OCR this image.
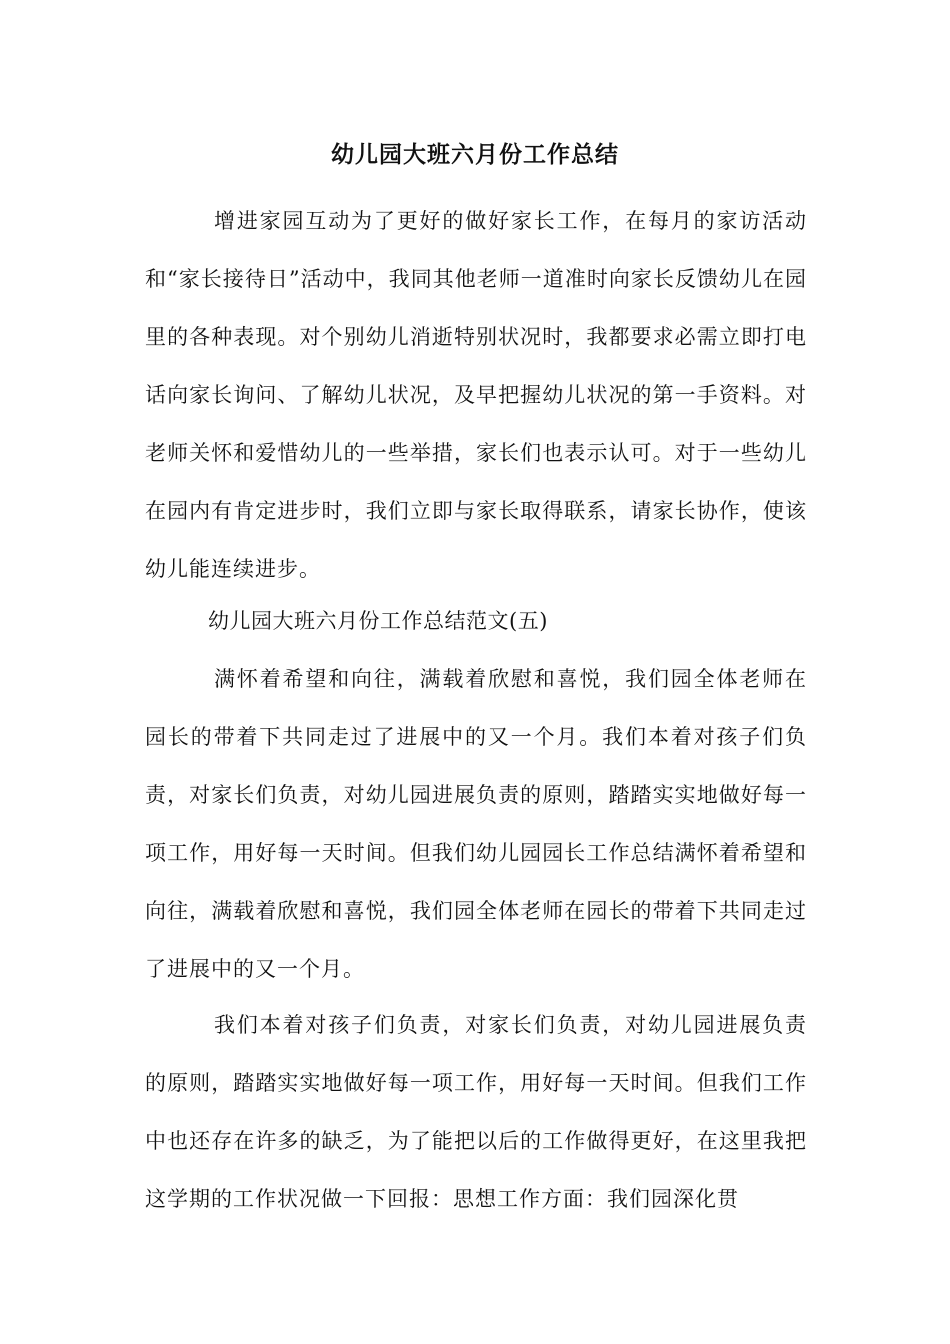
幼儿园大班六月份工作总结

增进家园互动为了更好的做好家长工作，在每月的家访活动和“家长接待日”活动中，我同其他老师一道准时向家长反馈幼儿在园里的各种表现。对个别幼儿消逝特别状况时，我都要求必需立即打电话向家长询问、了解幼儿状况，及早把握幼儿状况的第一手资料。对老师关怀和爱惜幼儿的一些举措，家长们也表示认可。对于一些幼儿在园内有肯定进步时，我们立即与家长取得联系，请家长协作，使该幼儿能连续进步。

幼儿园大班六月份工作总结范文(五)

满怀着希望和向往，满载着欣慰和喜悦，我们园全体老师在园长的带着下共同走过了进展中的又一个月。我们本着对孩子们负责，对家长们负责，对幼儿园进展负责的原则，踏踏实实地做好每一项工作，用好每一天时间。但我们幼儿园园长工作总结满怀着希望和向往，满载着欣慰和喜悦，我们园全体老师在园长的带着下共同走过了进展中的又一个月。

我们本着对孩子们负责，对家长们负责，对幼儿园进展负责的原则，踏踏实实地做好每一项工作，用好每一天时间。但我们工作中也还存在许多的缺乏，为了能把以后的工作做得更好，在这里我把这学期的工作状况做一下回报：思想工作方面：我们园深化贯
